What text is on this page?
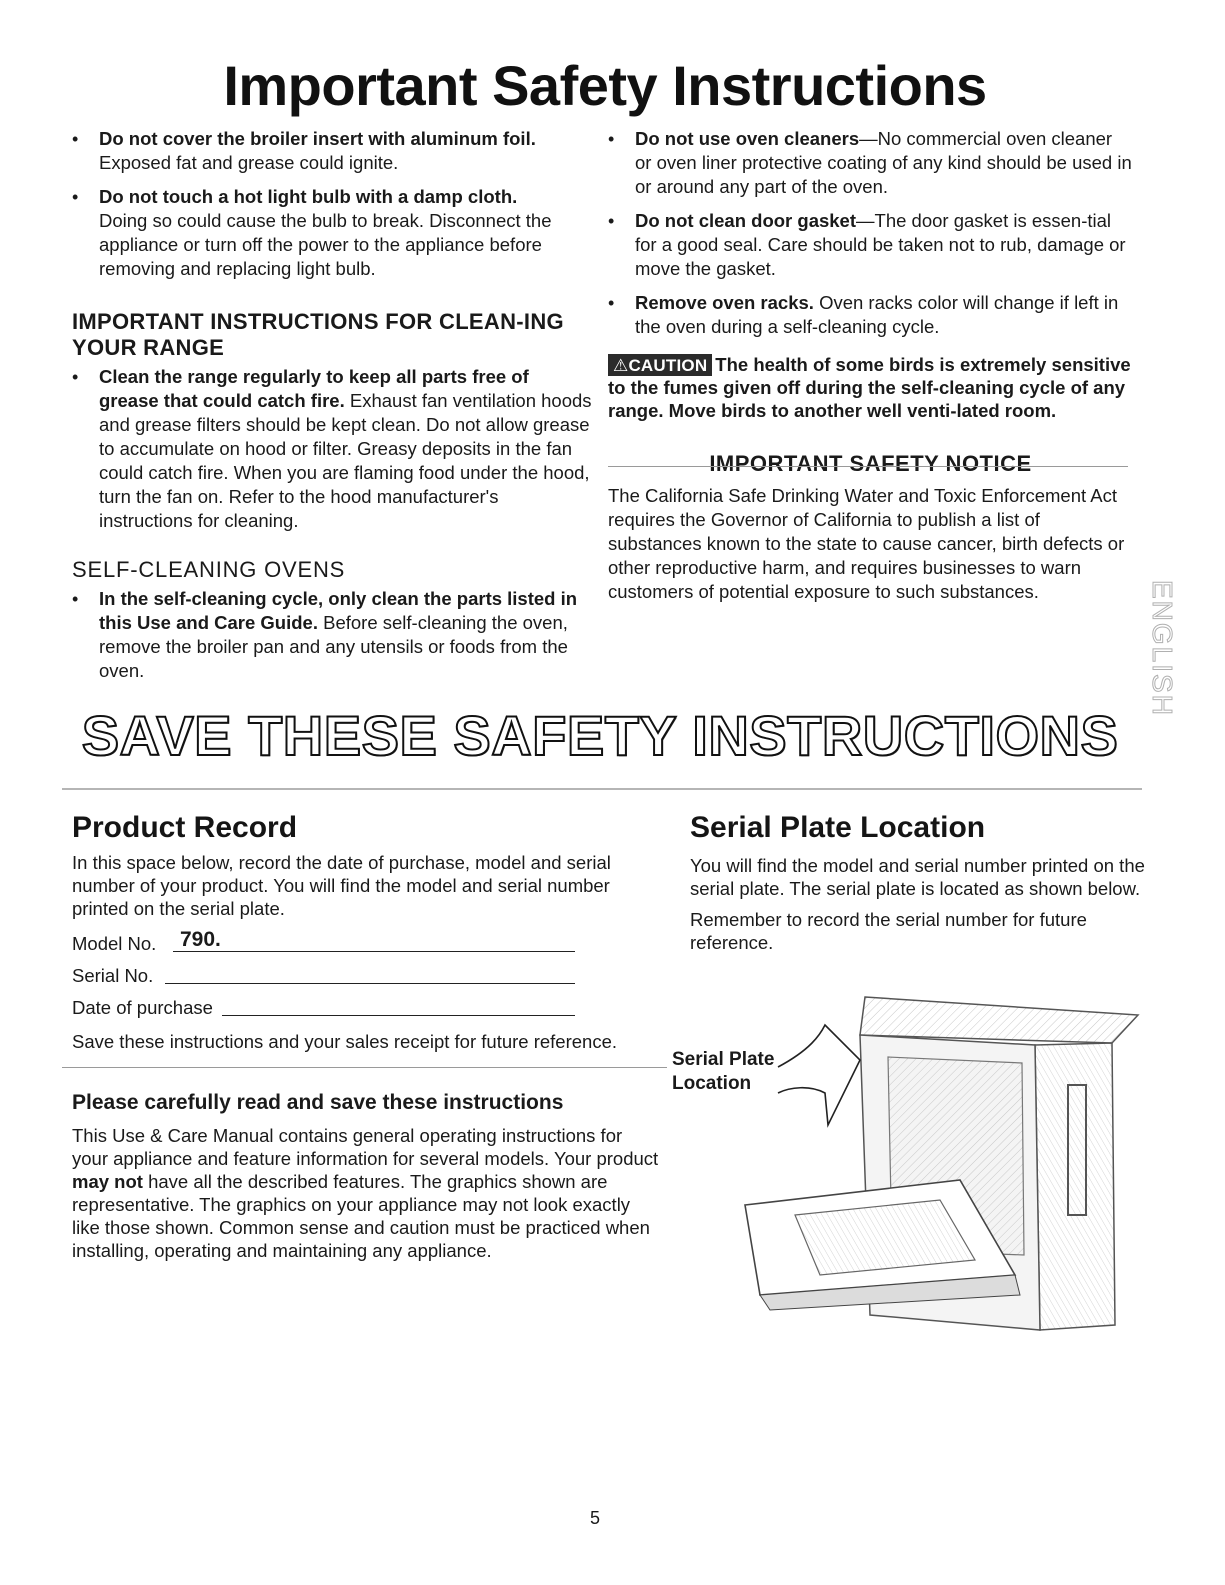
Important Safety Instructions
• Do not cover the broiler insert with aluminum foil.
Exposed fat and grease could ignite.
• Do not touch a hot light bulb with a damp cloth.
Doing so could cause the bulb to break. Disconnect the appliance or turn off the power to the appliance before removing and replacing light bulb.
IMPORTANT INSTRUCTIONS FOR CLEAN-ING YOUR RANGE
• Clean the range regularly to keep all parts free of grease that could catch fire. Exhaust fan ventilation hoods and grease filters should be kept clean. Do not allow grease to accumulate on hood or filter. Greasy deposits in the fan could catch fire. When you are flaming food under the hood, turn the fan on. Refer to the hood manufacturer's instructions for cleaning.
SELF-CLEANING OVENS
• In the self-cleaning cycle, only clean the parts listed in this Use and Care Guide. Before self-cleaning the oven, remove the broiler pan and any utensils or foods from the oven.
• Do not use oven cleaners—No commercial oven cleaner or oven liner protective coating of any kind should be used in or around any part of the oven.
• Do not clean door gasket—The door gasket is essen-tial for a good seal. Care should be taken not to rub, damage or move the gasket.
• Remove oven racks. Oven racks color will change if left in the oven during a self-cleaning cycle.
⚠CAUTION The health of some birds is extremely sensitive to the fumes given off during the self-cleaning cycle of any range. Move birds to another well venti-lated room.
IMPORTANT SAFETY NOTICE
The California Safe Drinking Water and Toxic Enforcement Act requires the Governor of California to publish a list of substances known to the state to cause cancer, birth defects or other reproductive harm, and requires businesses to warn customers of potential exposure to such substances.	ENGLISH
SAVE THESE SAFETY INSTRUCTIONS
Product Record
In this space below, record the date of purchase, model and serial number of your product. You will find the model and serial number printed on the serial plate.
Model No. 790.
Serial No.
Date of purchase
Save these instructions and your sales receipt for future reference.
Please carefully read and save these instructions
This Use & Care Manual contains general operating instructions for your appliance and feature information for several models. Your product may not have all the described features. The graphics shown are representative. The graphics on your appliance may not look exactly like those shown. Common sense and caution must be practiced when installing, operating and maintaining any appliance.
Serial Plate Location
You will find the model and serial number printed on the serial plate. The serial plate is located as shown below.
Remember to record the serial number for future reference.
Serial Plate
Location
5
